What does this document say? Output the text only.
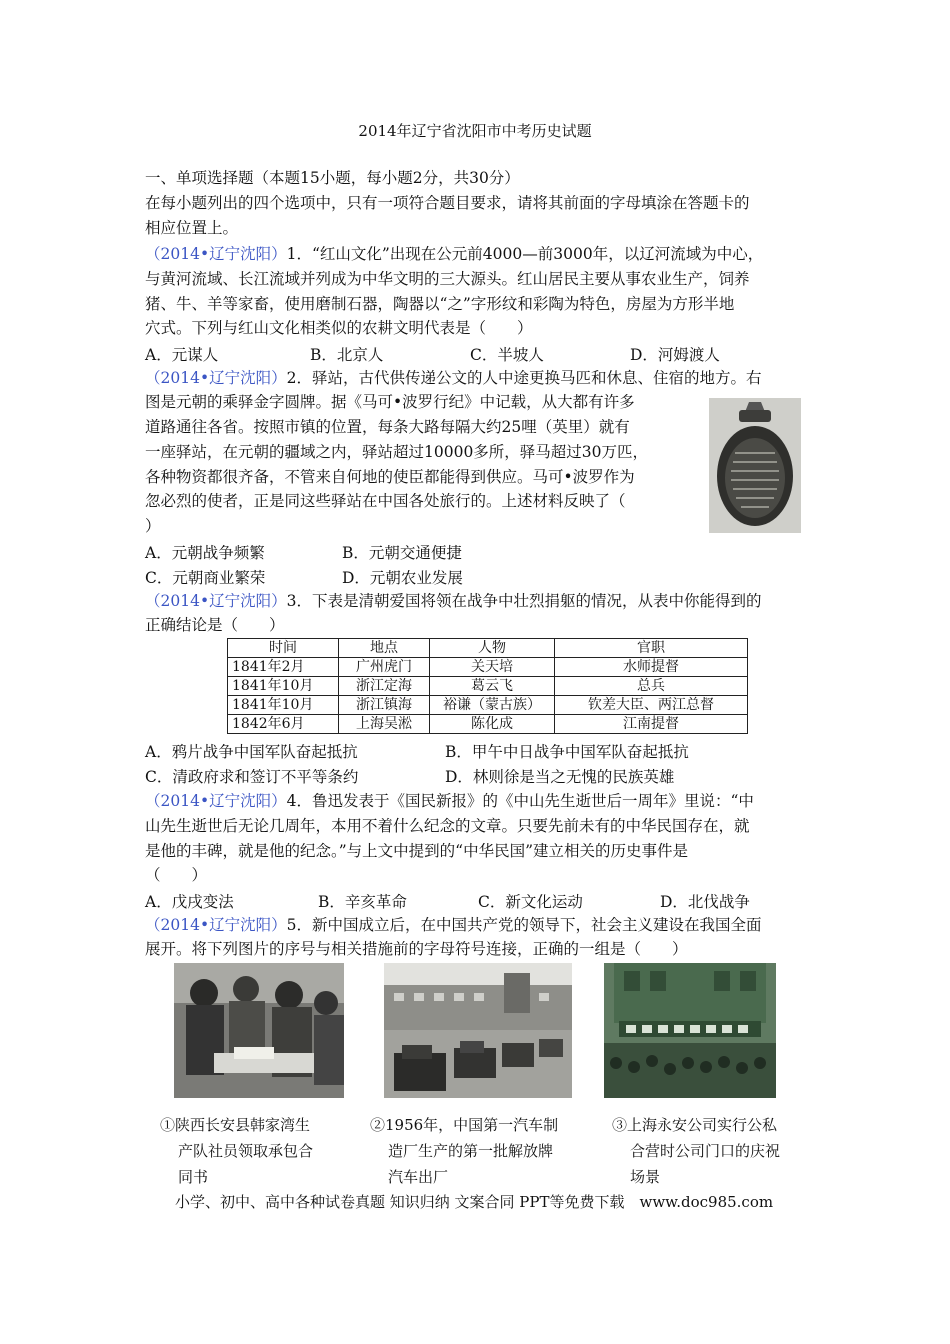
2014年辽宁省沈阳市中考历史试题
一、单项选择题（本题15小题，每小题2分，共30分）
在每小题列出的四个选项中，只有一项符合题目要求，请将其前面的字母填涂在答题卡的
相应位置上。
（2014•辽宁沈阳）1．“红山文化”出现在公元前4000—前3000年，以辽河流域为中心，
与黄河流域、长江流域并列成为中华文明的三大源头。红山居民主要从事农业生产，饲养
猪、牛、羊等家畜，使用磨制石器，陶器以“之”字形纹和彩陶为特色，房屋为方形半地
穴式。下列与红山文化相类似的农耕文明代表是（　　）
A．元谋人	B．北京人	C．半坡人	D．河姆渡人
（2014•辽宁沈阳）2．驿站，古代供传递公文的人中途更换马匹和休息、住宿的地方。右
图是元朝的乘驿金字圆牌。据《马可•波罗行纪》中记载，从大都有许多
道路通往各省。按照市镇的位置，每条大路每隔大约25哩（英里）就有
一座驿站，在元朝的疆域之内，驿站超过10000多所，驿马超过30万匹，
各种物资都很齐备，不管来自何地的使臣都能得到供应。马可•波罗作为
忽必烈的使者，正是同这些驿站在中国各处旅行的。上述材料反映了（
）
A．元朝战争频繁	B．元朝交通便捷
C．元朝商业繁荣	D．元朝农业发展
（2014•辽宁沈阳）3．下表是清朝爱国将领在战争中壮烈捐躯的情况，从表中你能得到的
正确结论是（　　）
时间	地点	人物	官职
1841年2月	广州虎门	关天培	水师提督
1841年10月	浙江定海	葛云飞	总兵
1841年10月	浙江镇海	裕谦（蒙古族）	钦差大臣、两江总督
1842年6月	上海吴淞	陈化成	江南提督
A．鸦片战争中国军队奋起抵抗	B．甲午中日战争中国军队奋起抵抗
C．清政府求和签订不平等条约	D．林则徐是当之无愧的民族英雄
（2014•辽宁沈阳）4．鲁迅发表于《国民新报》的《中山先生逝世后一周年》里说：“中
山先生逝世后无论几周年，本用不着什么纪念的文章。只要先前未有的中华民国存在，就
是他的丰碑，就是他的纪念。”与上文中提到的“中华民国”建立相关的历史事件是
（　　）
A．戊戌变法	B．辛亥革命	C．新文化运动	D．北伐战争
（2014•辽宁沈阳）5．新中国成立后，在中国共产党的领导下，社会主义建设在我国全面
展开。将下列图片的序号与相关措施前的字母符号连接，正确的一组是（　　）
①陕西长安县韩家湾生
产队社员领取承包合
同书
②1956年，中国第一汽车制
造厂生产的第一批解放牌
汽车出厂
③上海永安公司实行公私
合营时公司门口的庆祝
场景
小学、初中、高中各种试卷真题 知识归纳 文案合同 PPT等免费下载　www.doc985.com
